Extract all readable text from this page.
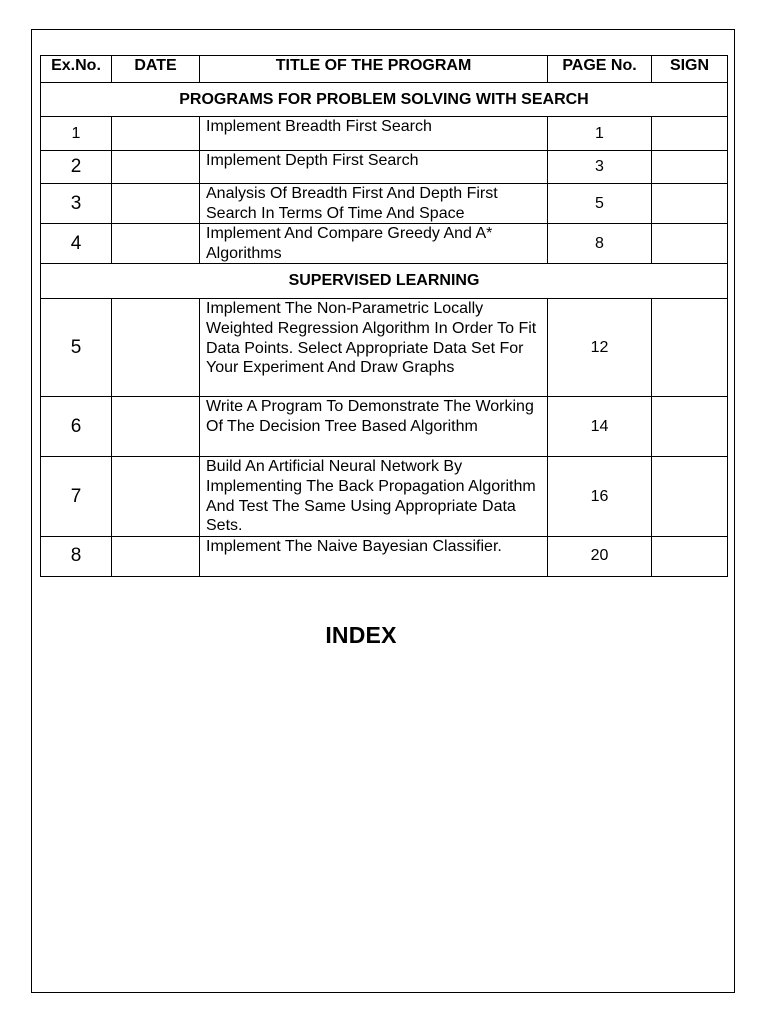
Ex.No.	DATE	TITLE OF THE PROGRAM	PAGE No.	SIGN
PROGRAMS FOR PROBLEM SOLVING WITH SEARCH				
1		Implement Breadth First Search	1	
2		Implement Depth First Search	3	
3		Analysis Of Breadth First And Depth First Search In Terms Of Time And Space	5	
4		Implement And Compare Greedy And A* Algorithms	8	
SUPERVISED LEARNING				
5		Implement The Non-Parametric Locally Weighted Regression Algorithm In Order To Fit Data Points. Select Appropriate Data Set For Your Experiment And Draw Graphs	12	
6		Write A Program To Demonstrate The Working Of The Decision Tree Based Algorithm	14	
7		Build An Artificial Neural Network By Implementing The Back Propagation Algorithm And Test The Same Using Appropriate Data Sets.	16	
8		Implement The Naive Bayesian Classifier.	20	
INDEX
